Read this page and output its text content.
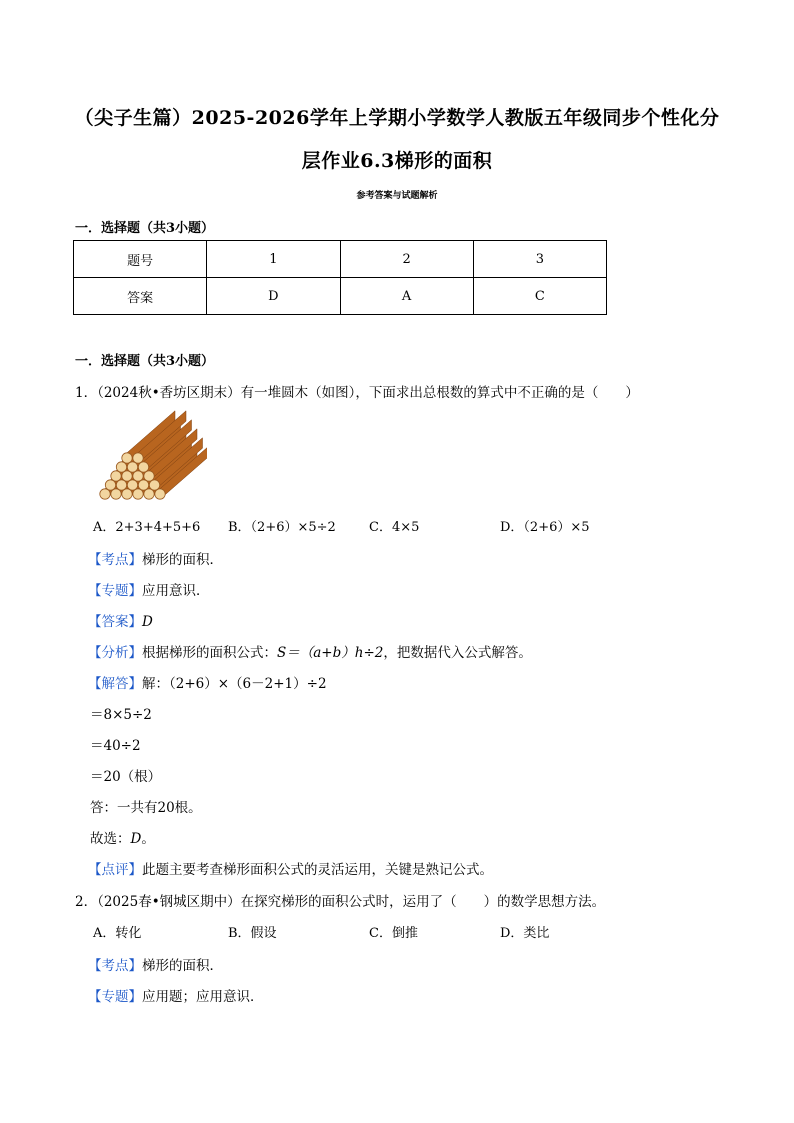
（尖子生篇）2025-2026学年上学期小学数学人教版五年级同步个性化分
层作业6.3梯形的面积
参考答案与试题解析
一．选择题（共3小题）
题号	1	2	3
答案	D	A	C
一．选择题（共3小题）
1．（2024秋•香坊区期末）有一堆圆木（如图），下面求出总根数的算式中不正确的是（　　）
A．2+3+4+5+6 B．（2+6）×5÷2	C．4×5	D．（2+6）×5
【考点】梯形的面积．
【专题】应用意识．
【答案】D
【分析】根据梯形的面积公式：S＝（a+b）h÷2，把数据代入公式解答。
【解答】解：（2+6）×（6－2+1）÷2
＝8×5÷2
＝40÷2
＝20（根）
答：一共有20根。
故选：D。
【点评】此题主要考查梯形面积公式的灵活运用，关键是熟记公式。
2．（2025春•钢城区期中）在探究梯形的面积公式时，运用了（　　）的数学思想方法。
A．转化	B．假设	C．倒推	D．类比
【考点】梯形的面积．
【专题】应用题；应用意识．
